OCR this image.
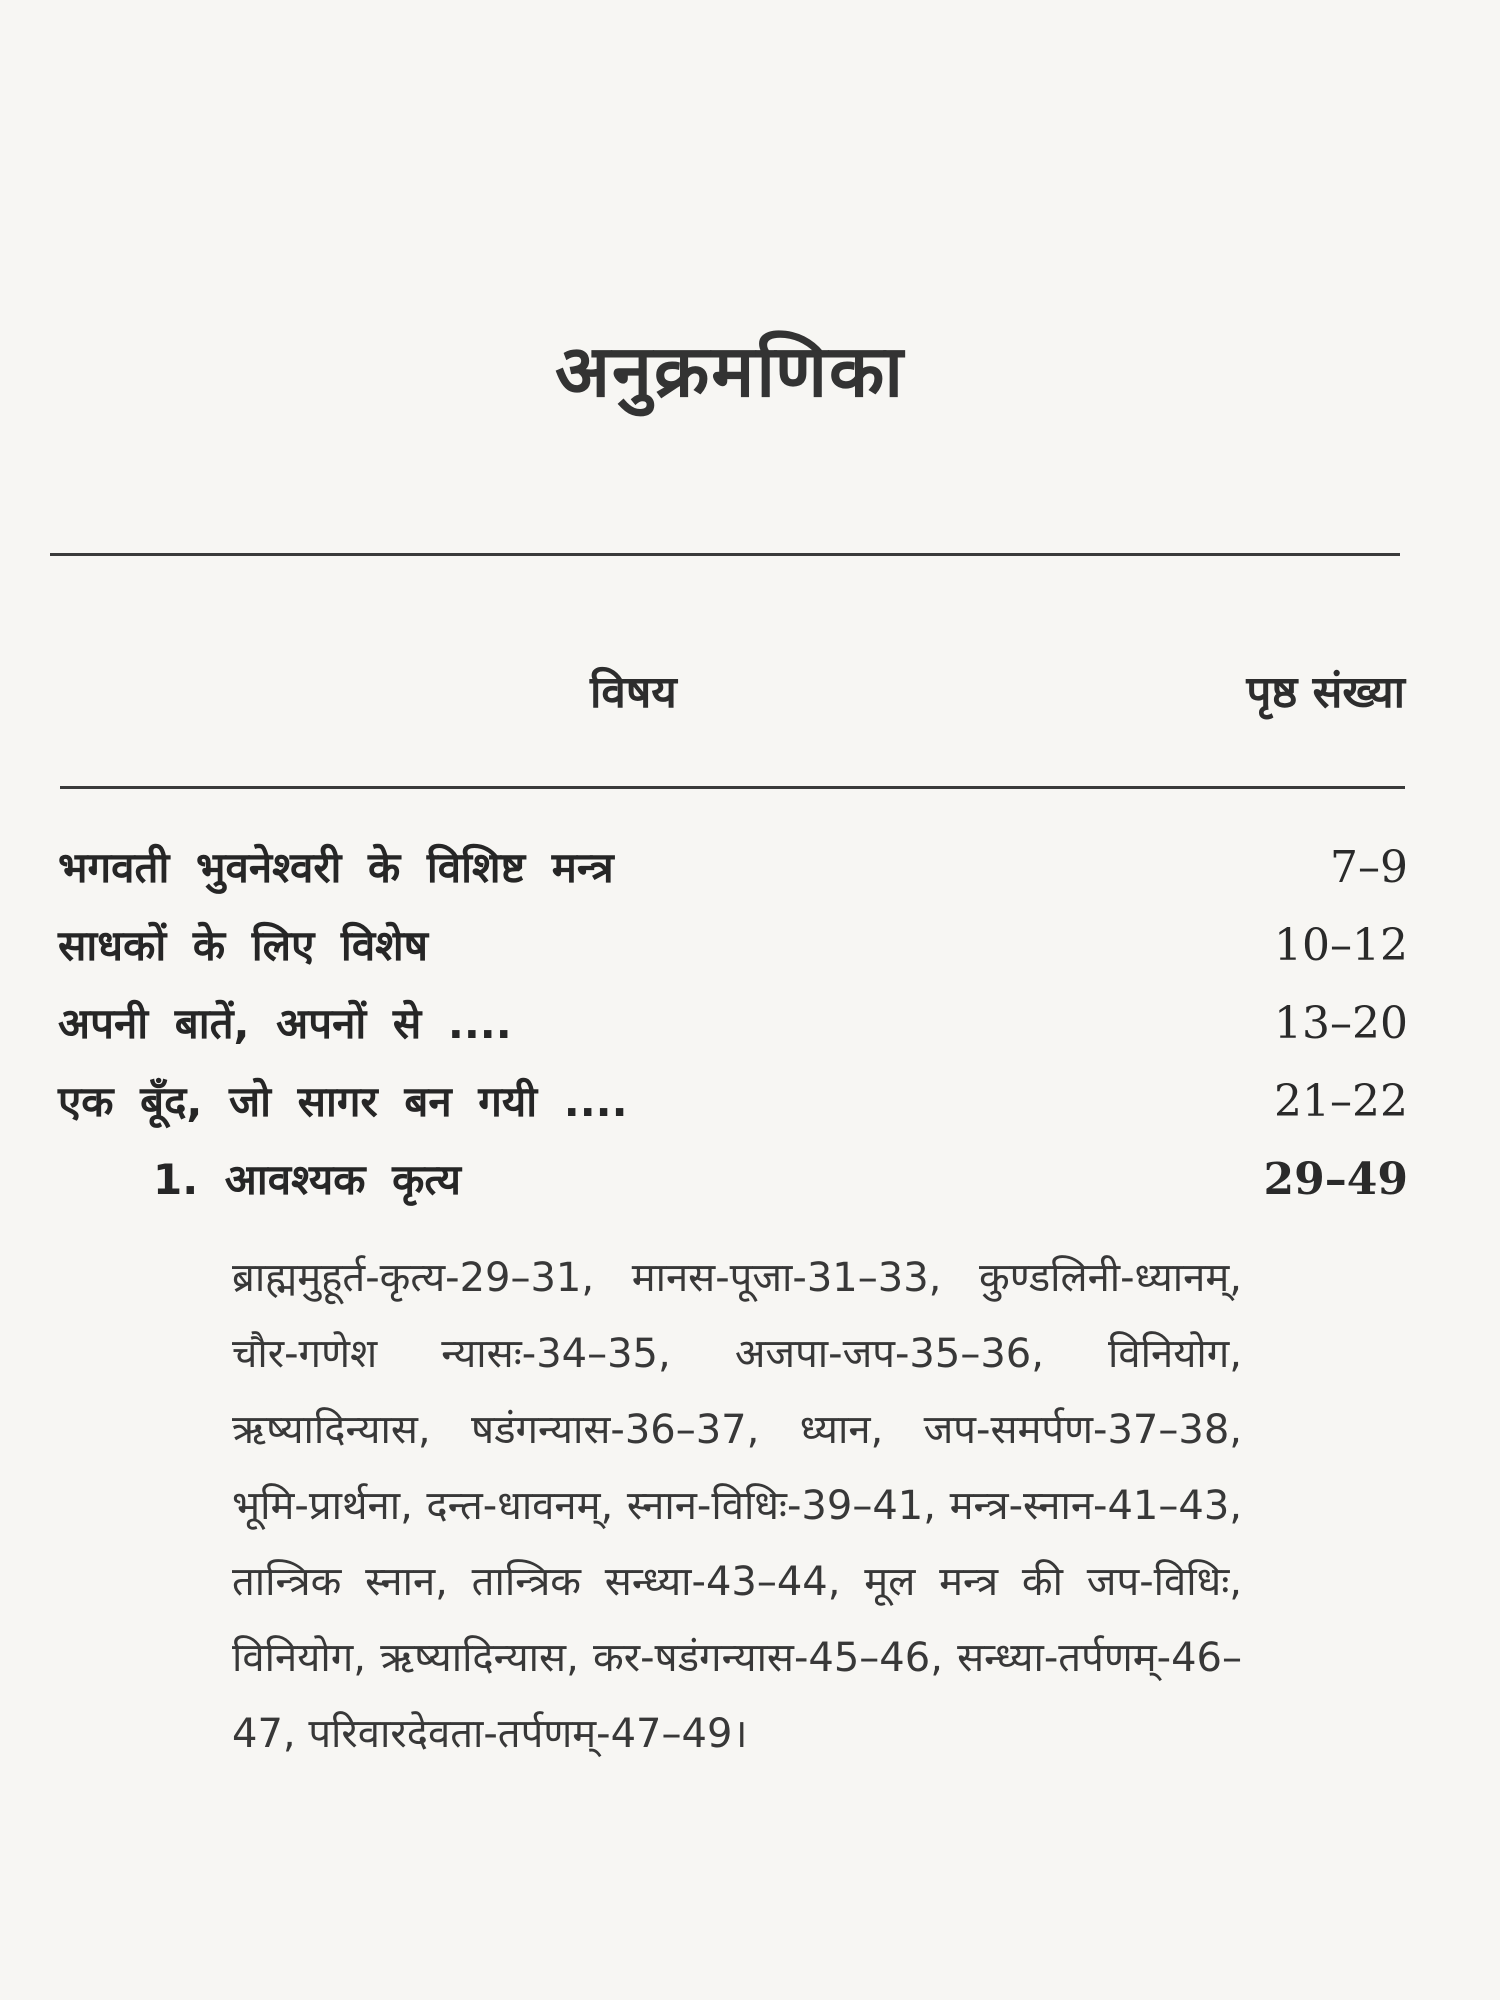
अनुक्रमणिका
विषय	पृष्ठ संख्या
भगवती भुवनेश्वरी के विशिष्ट मन्त्र	7–9
साधकों के लिए विशेष	10–12
अपनी बातें, अपनों से ....	13–20
एक बूँद, जो सागर बन गयी ....	21–22
1. आवश्यक कृत्य	29–49
ब्राह्ममुहूर्त-कृत्य-29–31, मानस-पूजा-31–33, कुण्डलिनी-ध्यानम्, चौर-गणेश न्यासः-34–35, अजपा-जप-35–36, विनियोग, ऋष्यादिन्यास, षडंगन्यास-36–37, ध्यान, जप-समर्पण-37–38, भूमि-प्रार्थना, दन्त-धावनम्, स्नान-विधिः-39–41, मन्त्र-स्नान-41–43, तान्त्रिक स्नान, तान्त्रिक सन्ध्या-43–44, मूल मन्त्र की जप-विधिः, विनियोग, ऋष्यादिन्यास, कर-षडंगन्यास-45–46, सन्ध्या-तर्पणम्-46–47, परिवारदेवता-तर्पणम्-47–49।
